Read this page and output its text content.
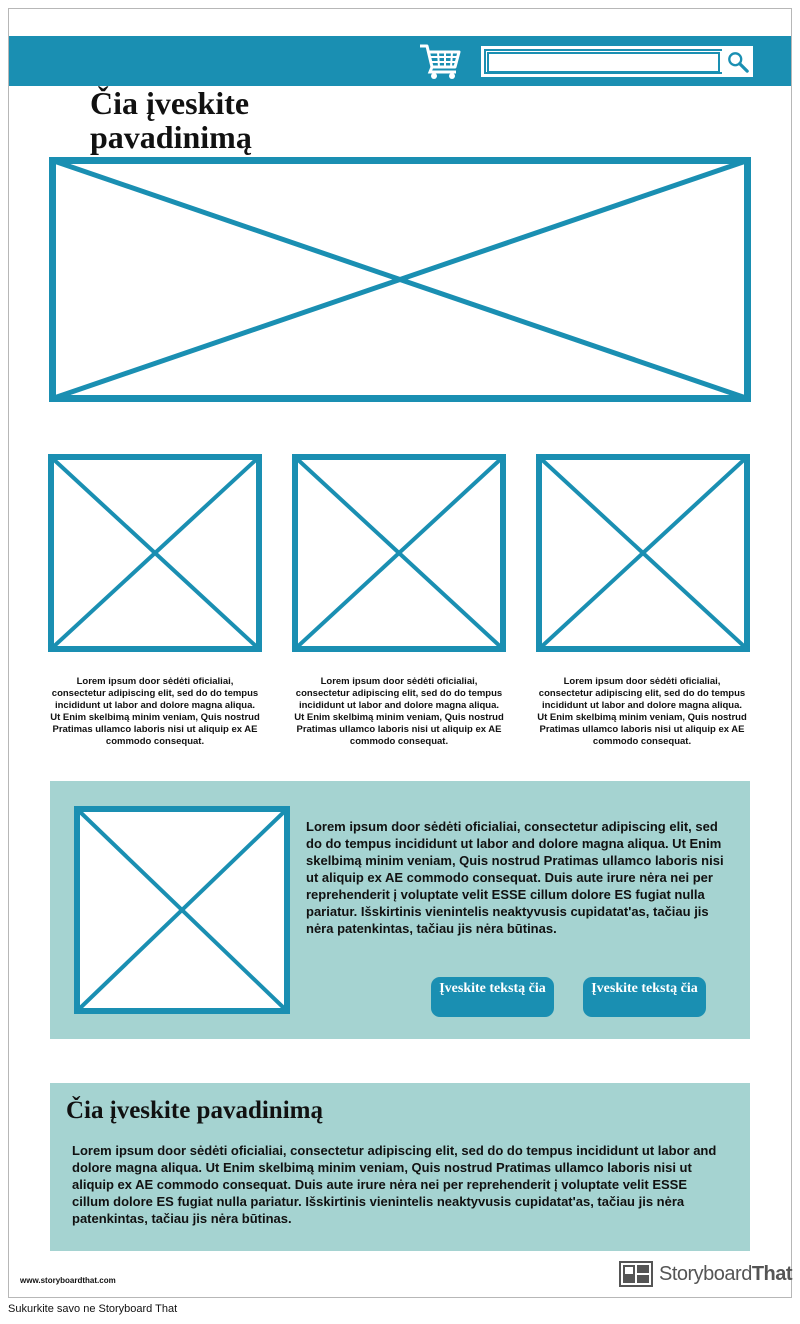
Čia įveskite pavadinimą
Lorem ipsum door sėdėti oficialiai, consectetur adipiscing elit, sed do do tempus incididunt ut labor and dolore magna aliqua. Ut Enim skelbimą minim veniam, Quis nostrud Pratimas ullamco laboris nisi ut aliquip ex AE commodo consequat.
Lorem ipsum door sėdėti oficialiai, consectetur adipiscing elit, sed do do tempus incididunt ut labor and dolore magna aliqua. Ut Enim skelbimą minim veniam, Quis nostrud Pratimas ullamco laboris nisi ut aliquip ex AE commodo consequat.
Lorem ipsum door sėdėti oficialiai, consectetur adipiscing elit, sed do do tempus incididunt ut labor and dolore magna aliqua. Ut Enim skelbimą minim veniam, Quis nostrud Pratimas ullamco laboris nisi ut aliquip ex AE commodo consequat.
Lorem ipsum door sėdėti oficialiai, consectetur adipiscing elit, sed do do tempus incididunt ut labor and dolore magna aliqua. Ut Enim skelbimą minim veniam, Quis nostrud Pratimas ullamco laboris nisi ut aliquip ex AE commodo consequat. Duis aute irure nėra nei per reprehenderit į voluptate velit ESSE cillum dolore ES fugiat nulla pariatur. Išskirtinis vienintelis neaktyvusis cupidatat'as, tačiau jis nėra patenkintas, tačiau jis nėra būtinas.
Įveskite tekstą čia	Įveskite tekstą čia
Čia įveskite pavadinimą
Lorem ipsum door sėdėti oficialiai, consectetur adipiscing elit, sed do do tempus incididunt ut labor and dolore magna aliqua. Ut Enim skelbimą minim veniam, Quis nostrud Pratimas ullamco laboris nisi ut aliquip ex AE commodo consequat. Duis aute irure nėra nei per reprehenderit į voluptate velit ESSE cillum dolore ES fugiat nulla pariatur. Išskirtinis vienintelis neaktyvusis cupidatat'as, tačiau jis nėra patenkintas, tačiau jis nėra būtinas.
www.storyboardthat.com	StoryboardThat
Sukurkite savo ne Storyboard That
